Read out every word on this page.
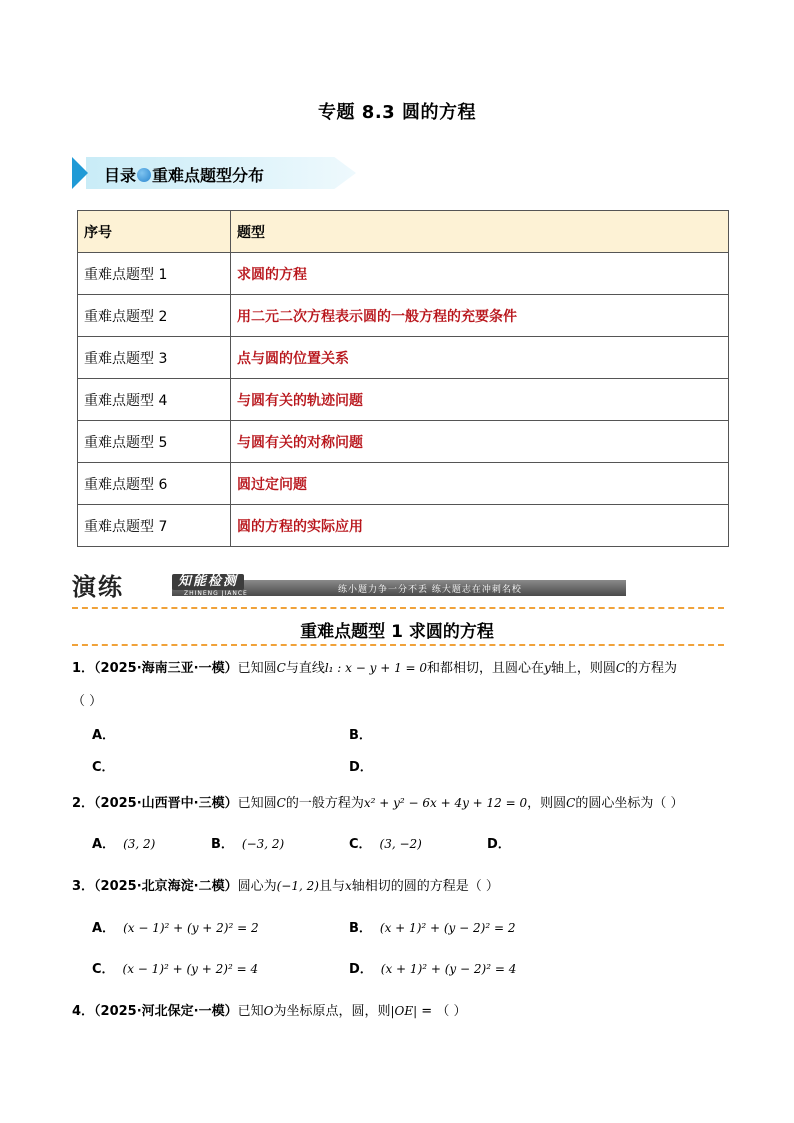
专题 8.3 圆的方程
目录 重难点题型分布
序号	题型
重难点题型 1	求圆的方程
重难点题型 2	用二元二次方程表示圆的一般方程的充要条件
重难点题型 3	点与圆的位置关系
重难点题型 4	与圆有关的轨迹问题
重难点题型 5	与圆有关的对称问题
重难点题型 6	圆过定问题
重难点题型 7	圆的方程的实际应用
演练	知能检测
ZHINENG JIANCE	练小题力争一分不丢 练大题志在冲刺名校
重难点题型 1 求圆的方程
1．（2025·海南三亚·一模）已知圆C与直线l₁ : x − y + 1 = 0和都相切，且圆心在y轴上，则圆C的方程为
（ ）
A．	B．
C．	D．
2．（2025·山西晋中·三模）已知圆C的一般方程为x² + y² − 6x + 4y + 12 = 0，则圆C的圆心坐标为（ ）
A． (3, 2)	B． (−3, 2)	C． (3, −2)	D．
3．（2025·北京海淀·二模）圆心为(−1, 2)且与x轴相切的圆的方程是（ ）
A． (x − 1)² + (y + 2)² = 2	B． (x + 1)² + (y − 2)² = 2
C． (x − 1)² + (y + 2)² = 4	D． (x + 1)² + (y − 2)² = 4
4．（2025·河北保定·一模）已知O为坐标原点，圆，则|OE| = （ ）
